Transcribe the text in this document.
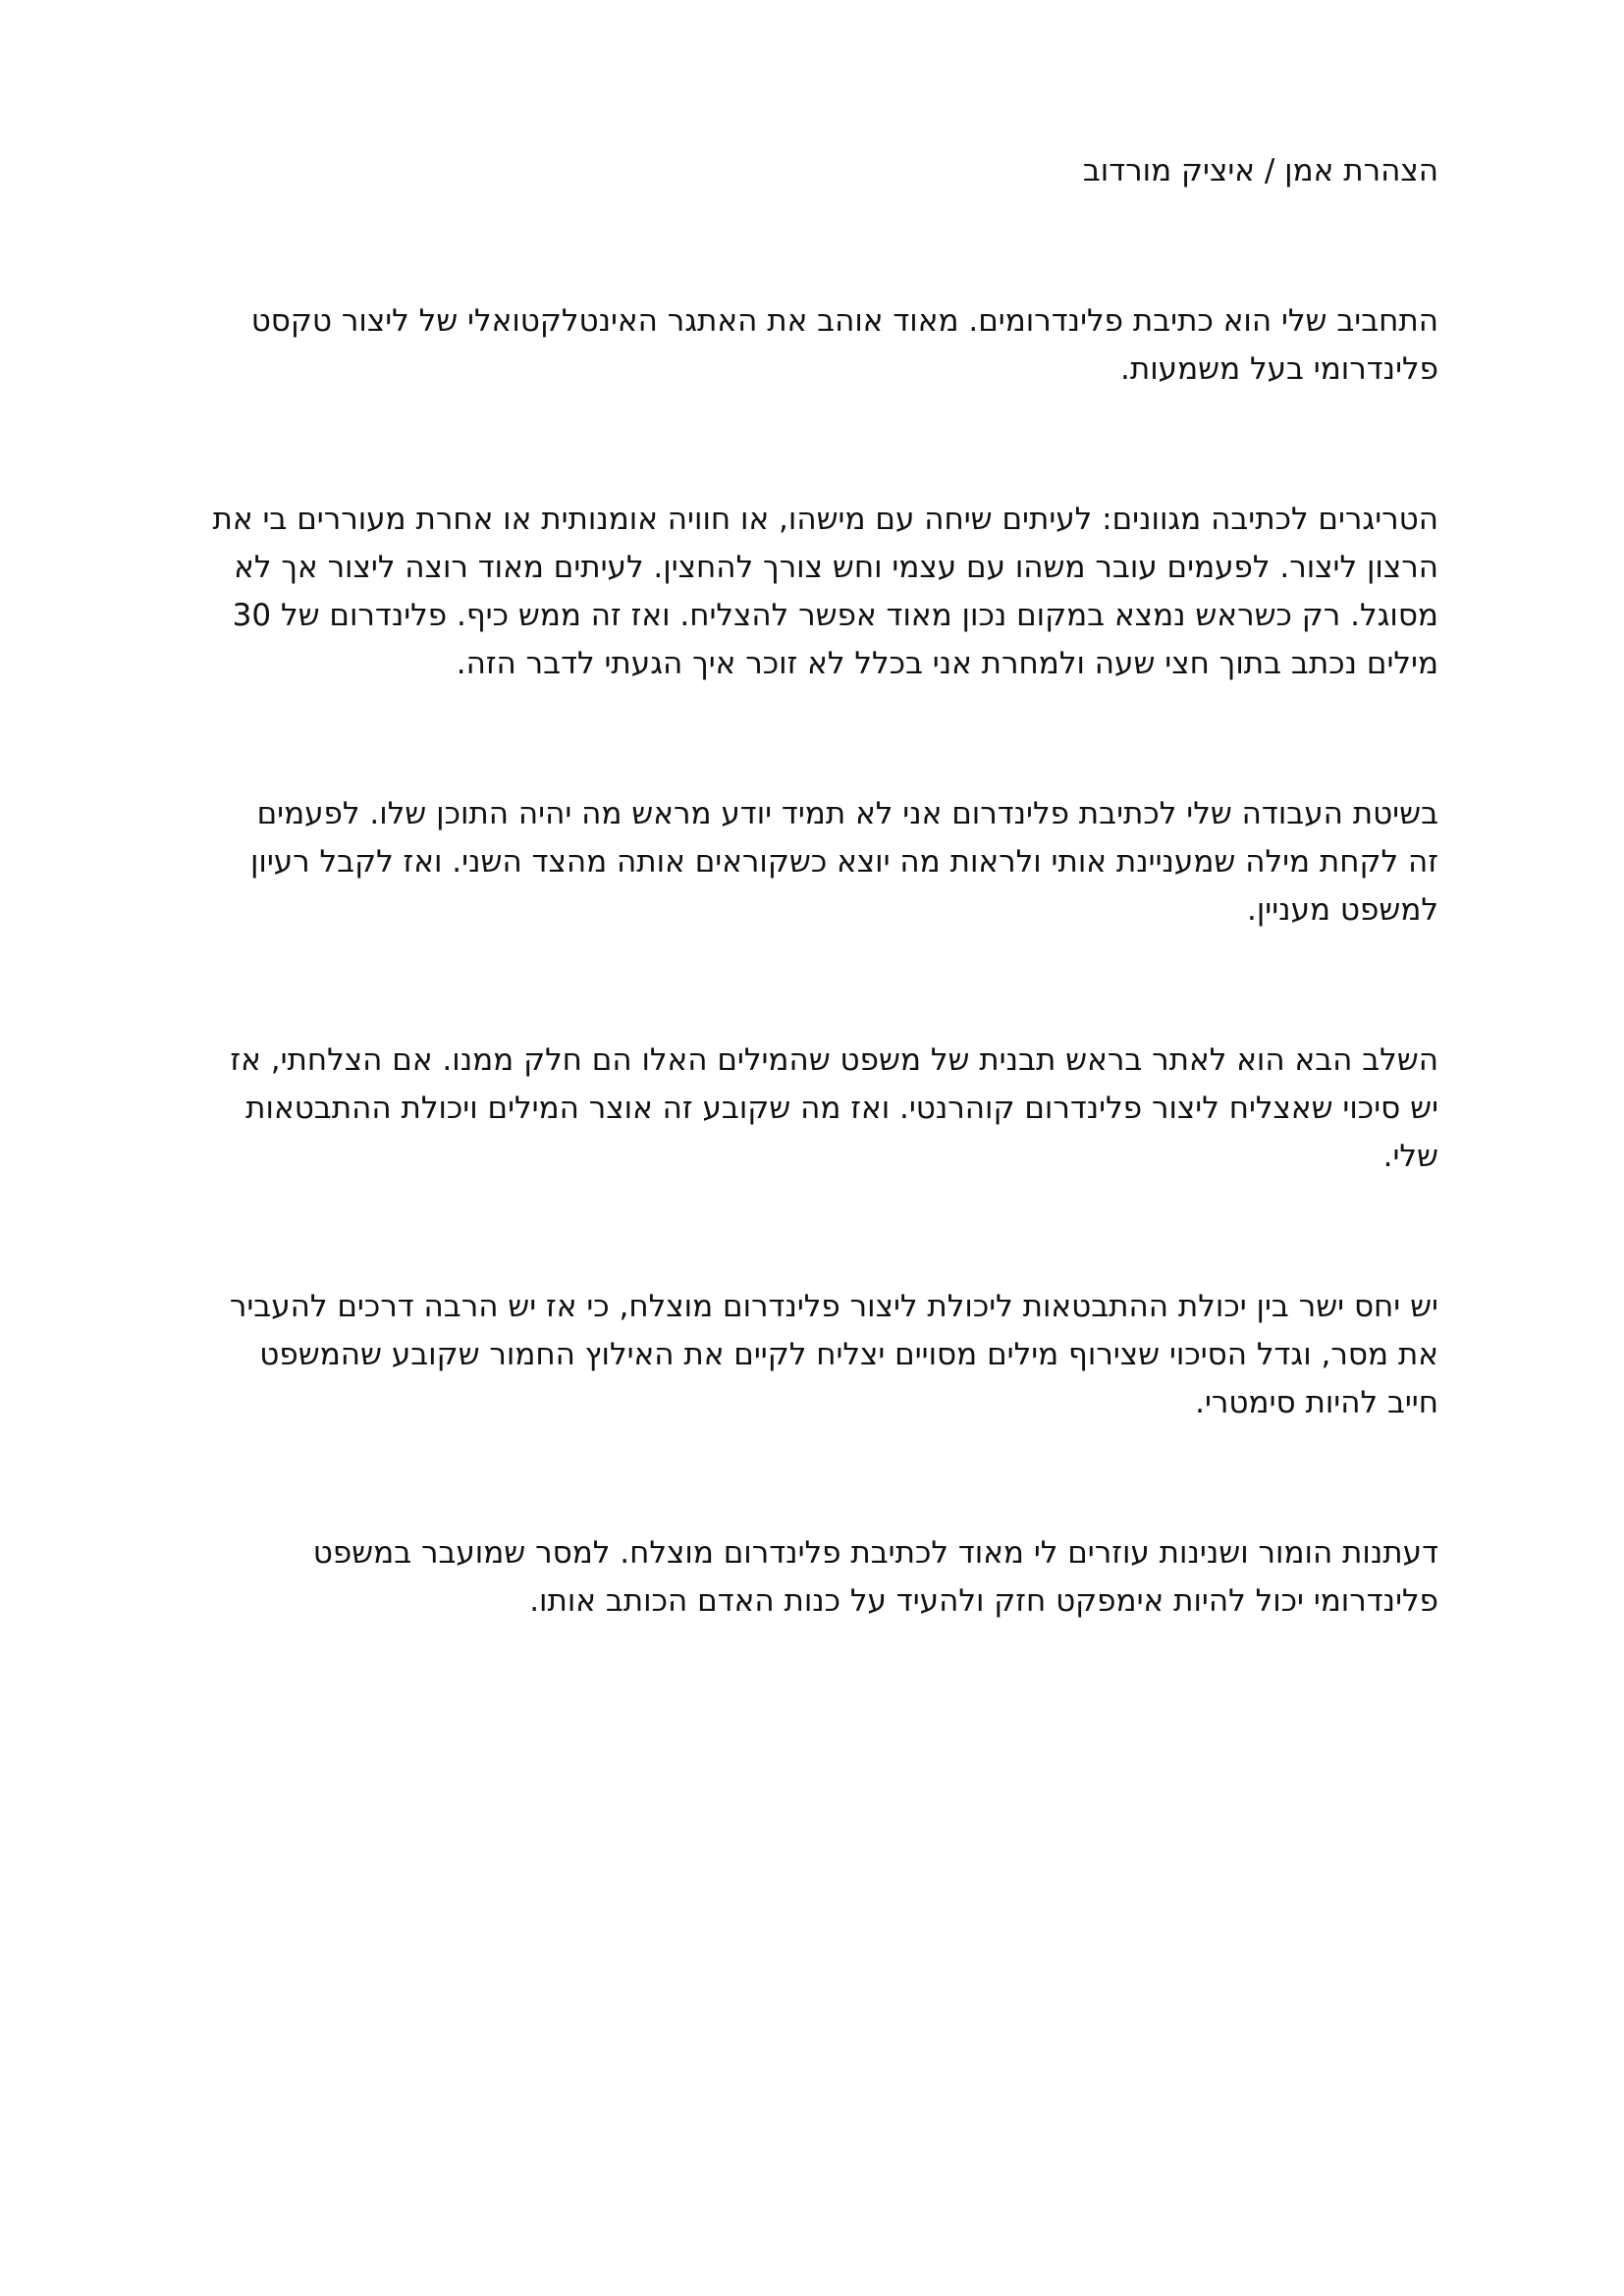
הצהרת אמן / איציק מורדוב

התחביב שלי הוא כתיבת פלינדרומים. מאוד אוהב את האתגר האינטלקטואלי של ליצור טקסט

פלינדרומי בעל משמעות.

הטריגרים לכתיבה מגוונים: לעיתים שיחה עם מישהו, או חוויה אומנותית או אחרת מעוררים בי את

הרצון ליצור. לפעמים עובר משהו עם עצמי וחש צורך להחצין. לעיתים מאוד רוצה ליצור אך לא

מסוגל. רק כשראש נמצא במקום נכון מאוד אפשר להצליח. ואז זה ממש כיף. פלינדרום של 30

מילים נכתב בתוך חצי שעה ולמחרת אני בכלל לא זוכר איך הגעתי לדבר הזה.

בשיטת העבודה שלי לכתיבת פלינדרום אני לא תמיד יודע מראש מה יהיה התוכן שלו. לפעמים

זה לקחת מילה שמעניינת אותי ולראות מה יוצא כשקוראים אותה מהצד השני. ואז לקבל רעיון

למשפט מעניין.

השלב הבא הוא לאתר בראש תבנית של משפט שהמילים האלו הם חלק ממנו. אם הצלחתי, אז

יש סיכוי שאצליח ליצור פלינדרום קוהרנטי. ואז מה שקובע זה אוצר המילים ויכולת ההתבטאות

שלי.

יש יחס ישר בין יכולת ההתבטאות ליכולת ליצור פלינדרום מוצלח, כי אז יש הרבה דרכים להעביר

את מסר, וגדל הסיכוי שצירוף מילים מסויים יצליח לקיים את האילוץ החמור שקובע שהמשפט

חייב להיות סימטרי.

דעתנות הומור ושנינות עוזרים לי מאוד לכתיבת פלינדרום מוצלח. למסר שמועבר במשפט

פלינדרומי יכול להיות אימפקט חזק ולהעיד על כנות האדם הכותב אותו.
